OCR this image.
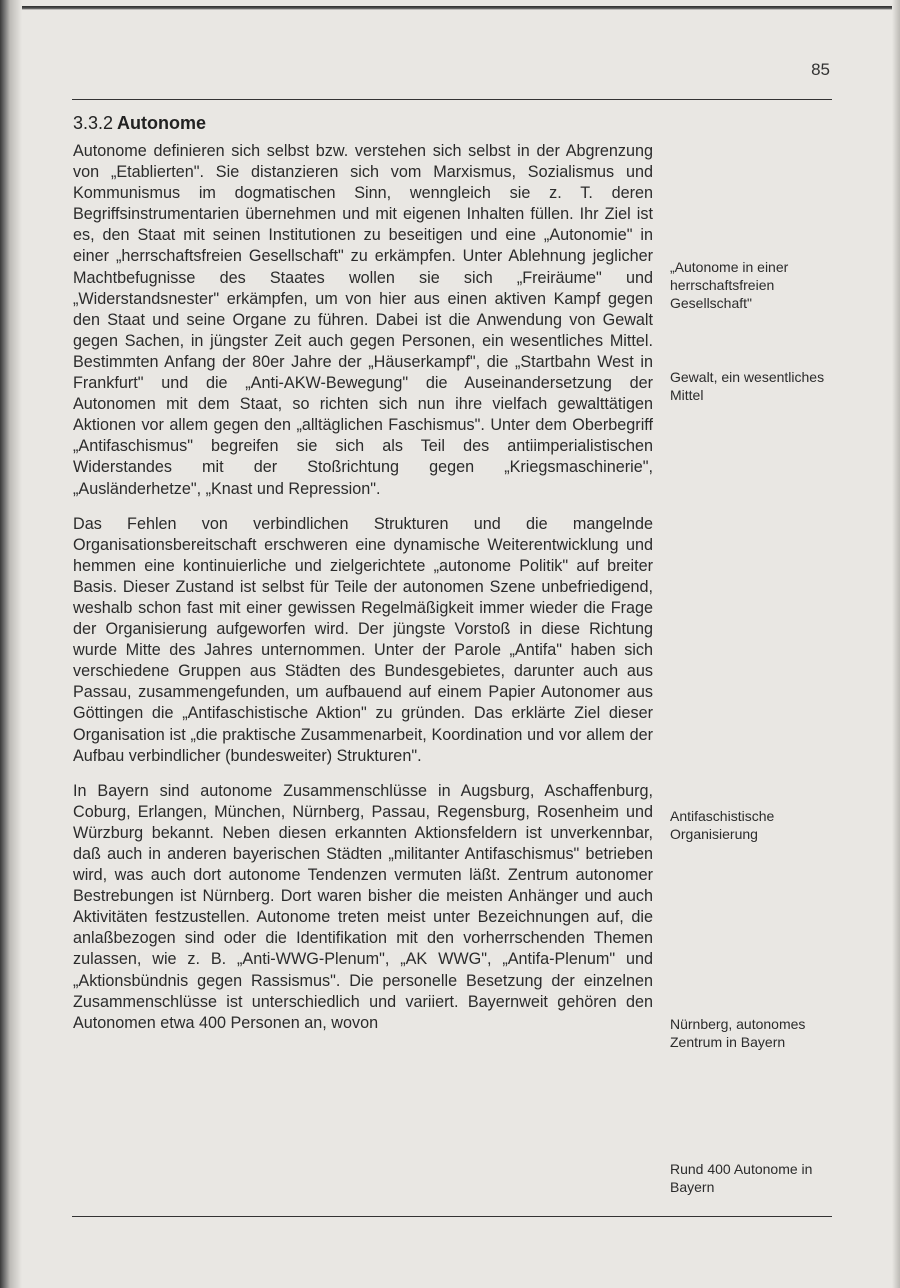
85
3.3.2 Autonome

Autonome definieren sich selbst bzw. verstehen sich selbst in der Abgrenzung von „Etablierten". Sie distanzieren sich vom Marxismus, Sozialismus und Kommunismus im dogmatischen Sinn, wenngleich sie z. T. deren Begriffsinstrumentarien übernehmen und mit eigenen Inhalten füllen. Ihr Ziel ist es, den Staat mit seinen Institutionen zu beseitigen und eine „Autonomie" in einer „herrschaftsfreien Gesellschaft" zu erkämpfen. Unter Ablehnung jeglicher Machtbefugnisse des Staates wollen sie sich „Freiräume" und „Widerstandsnester" erkämpfen, um von hier aus einen aktiven Kampf gegen den Staat und seine Organe zu führen. Dabei ist die Anwendung von Gewalt gegen Sachen, in jüngster Zeit auch gegen Personen, ein wesentliches Mittel. Bestimmten Anfang der 80er Jahre der „Häuserkampf", die „Startbahn West in Frankfurt" und die „Anti-AKW-Bewegung" die Auseinandersetzung der Autonomen mit dem Staat, so richten sich nun ihre vielfach gewalttätigen Aktionen vor allem gegen den „alltäglichen Faschismus". Unter dem Oberbegriff „Antifaschismus" begreifen sie sich als Teil des antiimperialistischen Widerstandes mit der Stoßrichtung gegen „Kriegsmaschinerie", „Ausländerhetze", „Knast und Repression".

Das Fehlen von verbindlichen Strukturen und die mangelnde Organisationsbereitschaft erschweren eine dynamische Weiterentwicklung und hemmen eine kontinuierliche und zielgerichtete „autonome Politik" auf breiter Basis. Dieser Zustand ist selbst für Teile der autonomen Szene unbefriedigend, weshalb schon fast mit einer gewissen Regelmäßigkeit immer wieder die Frage der Organisierung aufgeworfen wird. Der jüngste Vorstoß in diese Richtung wurde Mitte des Jahres unternommen. Unter der Parole „Antifa" haben sich verschiedene Gruppen aus Städten des Bundesgebietes, darunter auch aus Passau, zusammengefunden, um aufbauend auf einem Papier Autonomer aus Göttingen die „Antifaschistische Aktion" zu gründen. Das erklärte Ziel dieser Organisation ist „die praktische Zusammenarbeit, Koordination und vor allem der Aufbau verbindlicher (bundesweiter) Strukturen".

In Bayern sind autonome Zusammenschlüsse in Augsburg, Aschaffenburg, Coburg, Erlangen, München, Nürnberg, Passau, Regensburg, Rosenheim und Würzburg bekannt. Neben diesen erkannten Aktionsfeldern ist unverkennbar, daß auch in anderen bayerischen Städten „militanter Antifaschismus" betrieben wird, was auch dort autonome Tendenzen vermuten läßt. Zentrum autonomer Bestrebungen ist Nürnberg. Dort waren bisher die meisten Anhänger und auch Aktivitäten festzustellen. Autonome treten meist unter Bezeichnungen auf, die anlaßbezogen sind oder die Identifikation mit den vorherrschenden Themen zulassen, wie z. B. „Anti-WWG-Plenum", „AK WWG", „Antifa-Plenum" und „Aktionsbündnis gegen Rassismus". Die personelle Besetzung der einzelnen Zusammenschlüsse ist unterschiedlich und variiert. Bayernweit gehören den Autonomen etwa 400 Personen an, wovon

„Autonome in einer herrschaftsfreien Gesellschaft"
Gewalt, ein wesentliches Mittel
Antifaschistische Organisierung
Nürnberg, autonomes Zentrum in Bayern
Rund 400 Autonome in Bayern
